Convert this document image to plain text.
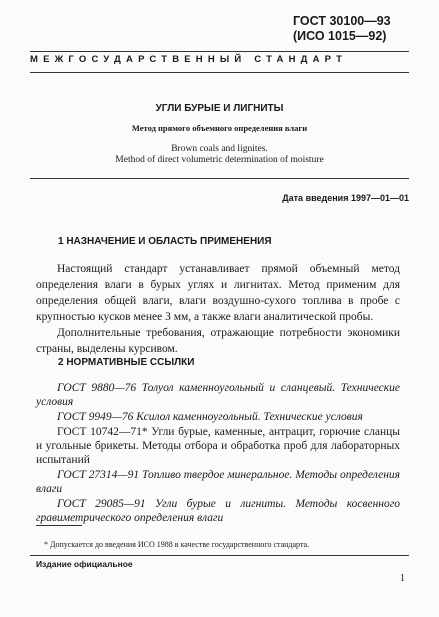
ГОСТ 30100—93
(ИСО 1015—92)
МЕЖГОСУДАРСТВЕННЫЙ СТАНДАРТ
УГЛИ БУРЫЕ И ЛИГНИТЫ
Метод прямого объемного определения влаги
Brown coals and lignites.
Method of direct volumetric determination of moisture
Дата введения 1997—01—01
1 НАЗНАЧЕНИЕ И ОБЛАСТЬ ПРИМЕНЕНИЯ

Настоящий стандарт устанавливает прямой объемный метод определения влаги в бурых углях и лигнитах. Метод применим для определения общей влаги, влаги воздушно-сухого топлива в пробе с крупностью кусков менее 3 мм, а также влаги аналитической пробы.

Дополнительные требования, отражающие потребности экономики страны, выделены курсивом.

2 НОРМАТИВНЫЕ ССЫЛКИ
ГОСТ 9880—76 Толуол каменноугольный и сланцевый. Технические условия
ГОСТ 9949—76 Ксилол каменноугольный. Технические условия
ГОСТ 10742—71* Угли бурые, каменные, антрацит, горючие сланцы и угольные брикеты. Методы отбора и обработка проб для лабораторных испытаний
ГОСТ 27314—91 Топливо твердое минеральное. Методы определения влаги
ГОСТ 29085—91 Угли бурые и лигниты. Методы косвенного гравиметрического определения влаги
* Допускается до введения ИСО 1988 в качестве государственного стандарта.
Издание официальное
1
